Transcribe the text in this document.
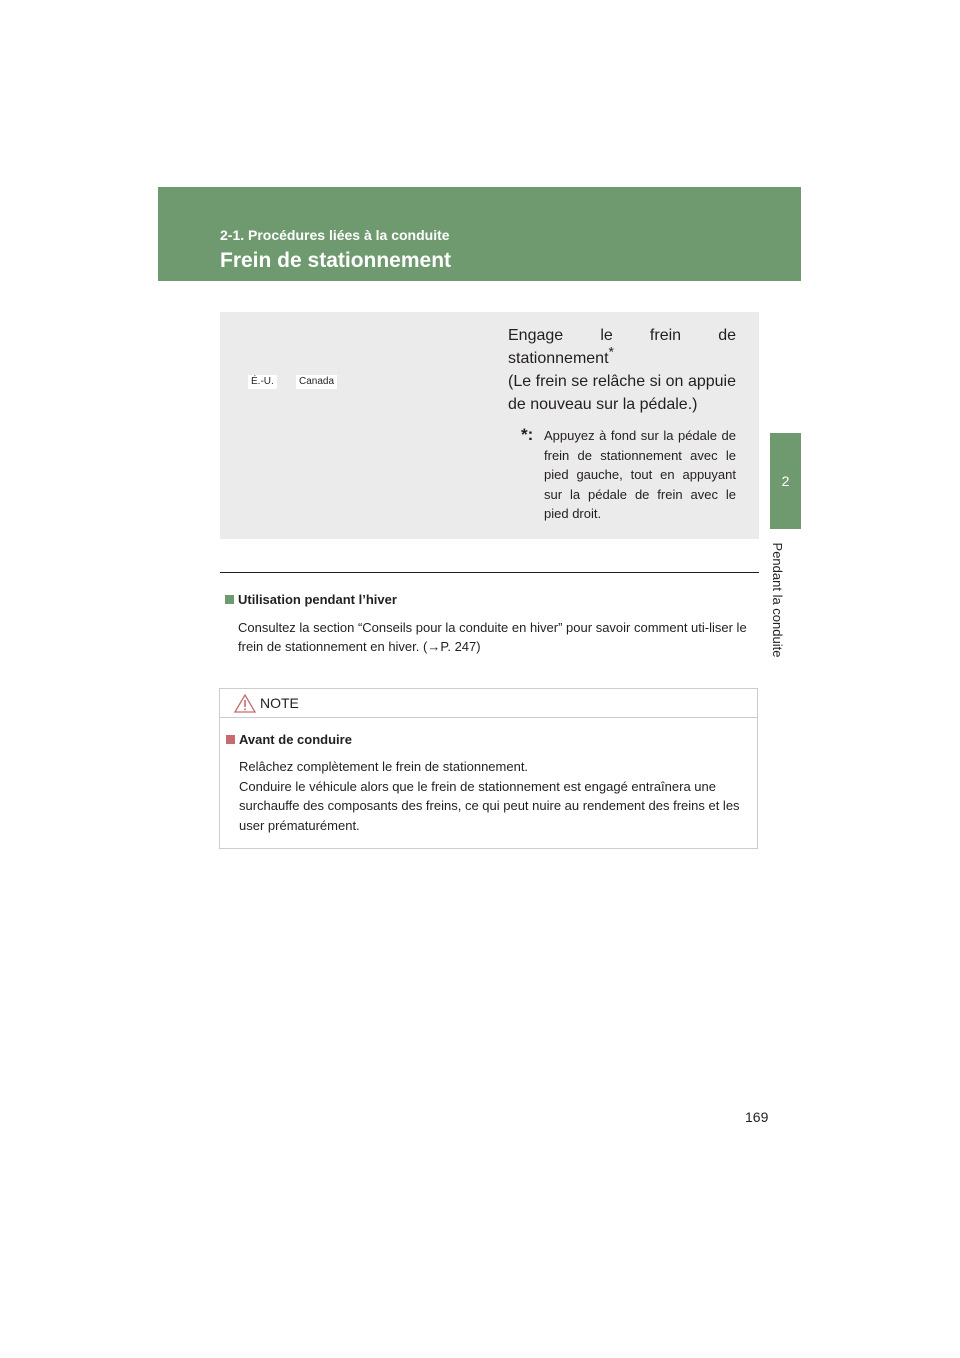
2-1. Procédures liées à la conduite
Frein de stationnement
2
Pendant la conduite
É.-U.	Canada
Engage le frein de
stationnement*
(Le frein se relâche si on appuie
de nouveau sur la pédale.)
*: Appuyez à fond sur la pédale de frein de stationnement avec le pied gauche, tout en appuyant sur la pédale de frein avec le pied droit.
Utilisation pendant l’hiver
Consultez la section “Conseils pour la conduite en hiver” pour savoir comment uti-liser le frein de stationnement en hiver. (→P. 247)
NOTE
Avant de conduire
Relâchez complètement le frein de stationnement.
Conduire le véhicule alors que le frein de stationnement est engagé entraînera une surchauffe des composants des freins, ce qui peut nuire au rendement des freins et les user prématurément.
169
